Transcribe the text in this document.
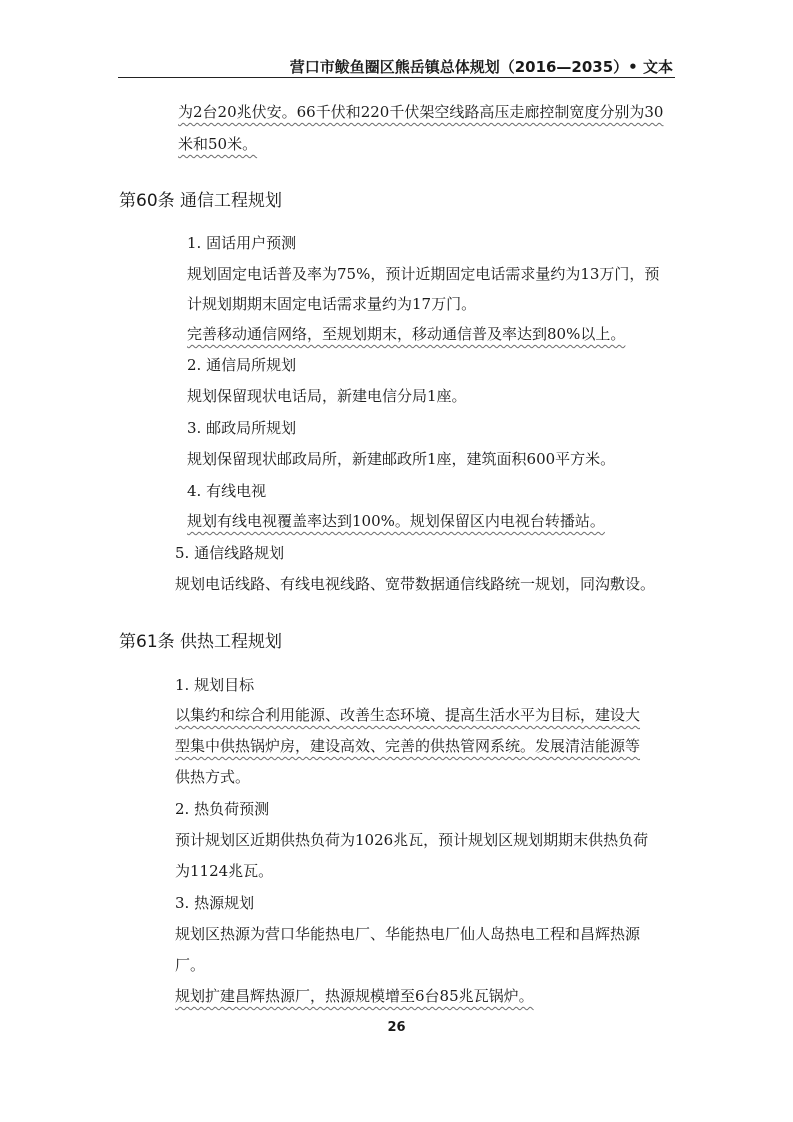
营口市鲅鱼圈区熊岳镇总体规划（2016—2035）• 文本
为2台20兆伏安。66千伏和220千伏架空线路高压走廊控制宽度分别为30
米和50米。
第60条 通信工程规划
1. 固话用户预测
规划固定电话普及率为75%，预计近期固定电话需求量约为13万门，预
计规划期期末固定电话需求量约为17万门。
完善移动通信网络，至规划期末，移动通信普及率达到80%以上。
2. 通信局所规划
规划保留现状电话局，新建电信分局1座。
3. 邮政局所规划
规划保留现状邮政局所，新建邮政所1座，建筑面积600平方米。
4. 有线电视
规划有线电视覆盖率达到100%。规划保留区内电视台转播站。
5. 通信线路规划
规划电话线路、有线电视线路、宽带数据通信线路统一规划，同沟敷设。
第61条 供热工程规划
1. 规划目标
以集约和综合利用能源、改善生态环境、提高生活水平为目标，建设大
型集中供热锅炉房，建设高效、完善的供热管网系统。发展清洁能源等
供热方式。
2. 热负荷预测
预计规划区近期供热负荷为1026兆瓦，预计规划区规划期期末供热负荷
为1124兆瓦。
3. 热源规划
规划区热源为营口华能热电厂、华能热电厂仙人岛热电工程和昌辉热源
厂。
规划扩建昌辉热源厂，热源规模增至6台85兆瓦锅炉。
26
